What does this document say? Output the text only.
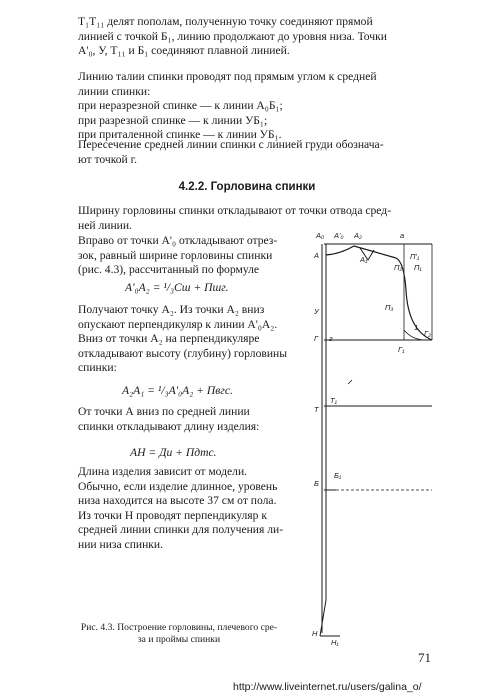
Т₁Т₁₁ делят пополам, полученную точку соединяют прямой
линией с точкой Б₁, линию продолжают до уровня низа. Точки
А'₀, У, Т₁₁ и Б₁ соединяют плавной линией.

Линию талии спинки проводят под прямым углом к средней
линии спинки:
при неразрезной спинке — к линии А₀Б₁;
при разрезной спинке — к линии УБ₁;
при приталенной спинке — к линии УБ₁.

Пересечение средней линии спинки с линией груди обознача-
ют точкой г.

4.2.2. Горловина спинки

Ширину горловины спинки откладывают от точки отвода сред-
ней линии.

Вправо от точки А'₀ откладывают отрез-
зок, равный ширине горловины спинки
(рис. 4.3), рассчитанный по формуле

А'₀А₂ = ¹/₃Сш + Пшг.

Получают точку А₂. Из точки А₂ вниз
опускают перпендикуляр к линии А'₀А₂.
Вниз от точки А₂ на перпендикуляре
откладывают высоту (глубину) горловины
спинки:

А₂А₁ = ¹/₃А'₀А₂ + Пвгс.

От точки А вниз по средней линии
спинки откладывают длину изделия:

АН = Ди + Пдтс.

Длина изделия зависит от модели.
Обычно, если изделие длинное, уровень
низа находится на высоте 37 см от пола.
Из точки Н проводят перпендикуляр к
средней линии спинки для получения ли-
нии низа спинки.

А₀ А'₀ А₂	а
А	А₁	П'₁
П₂ П₁
П₃
У
Г г
1
Г₂
Г₁
Т
Т₁
Б
Б₁
Н
Н₁
Рис. 4.3. Построение горловины, плечевого сре-
за и проймы спинки
71
http://www.liveinternet.ru/users/galina_o/
